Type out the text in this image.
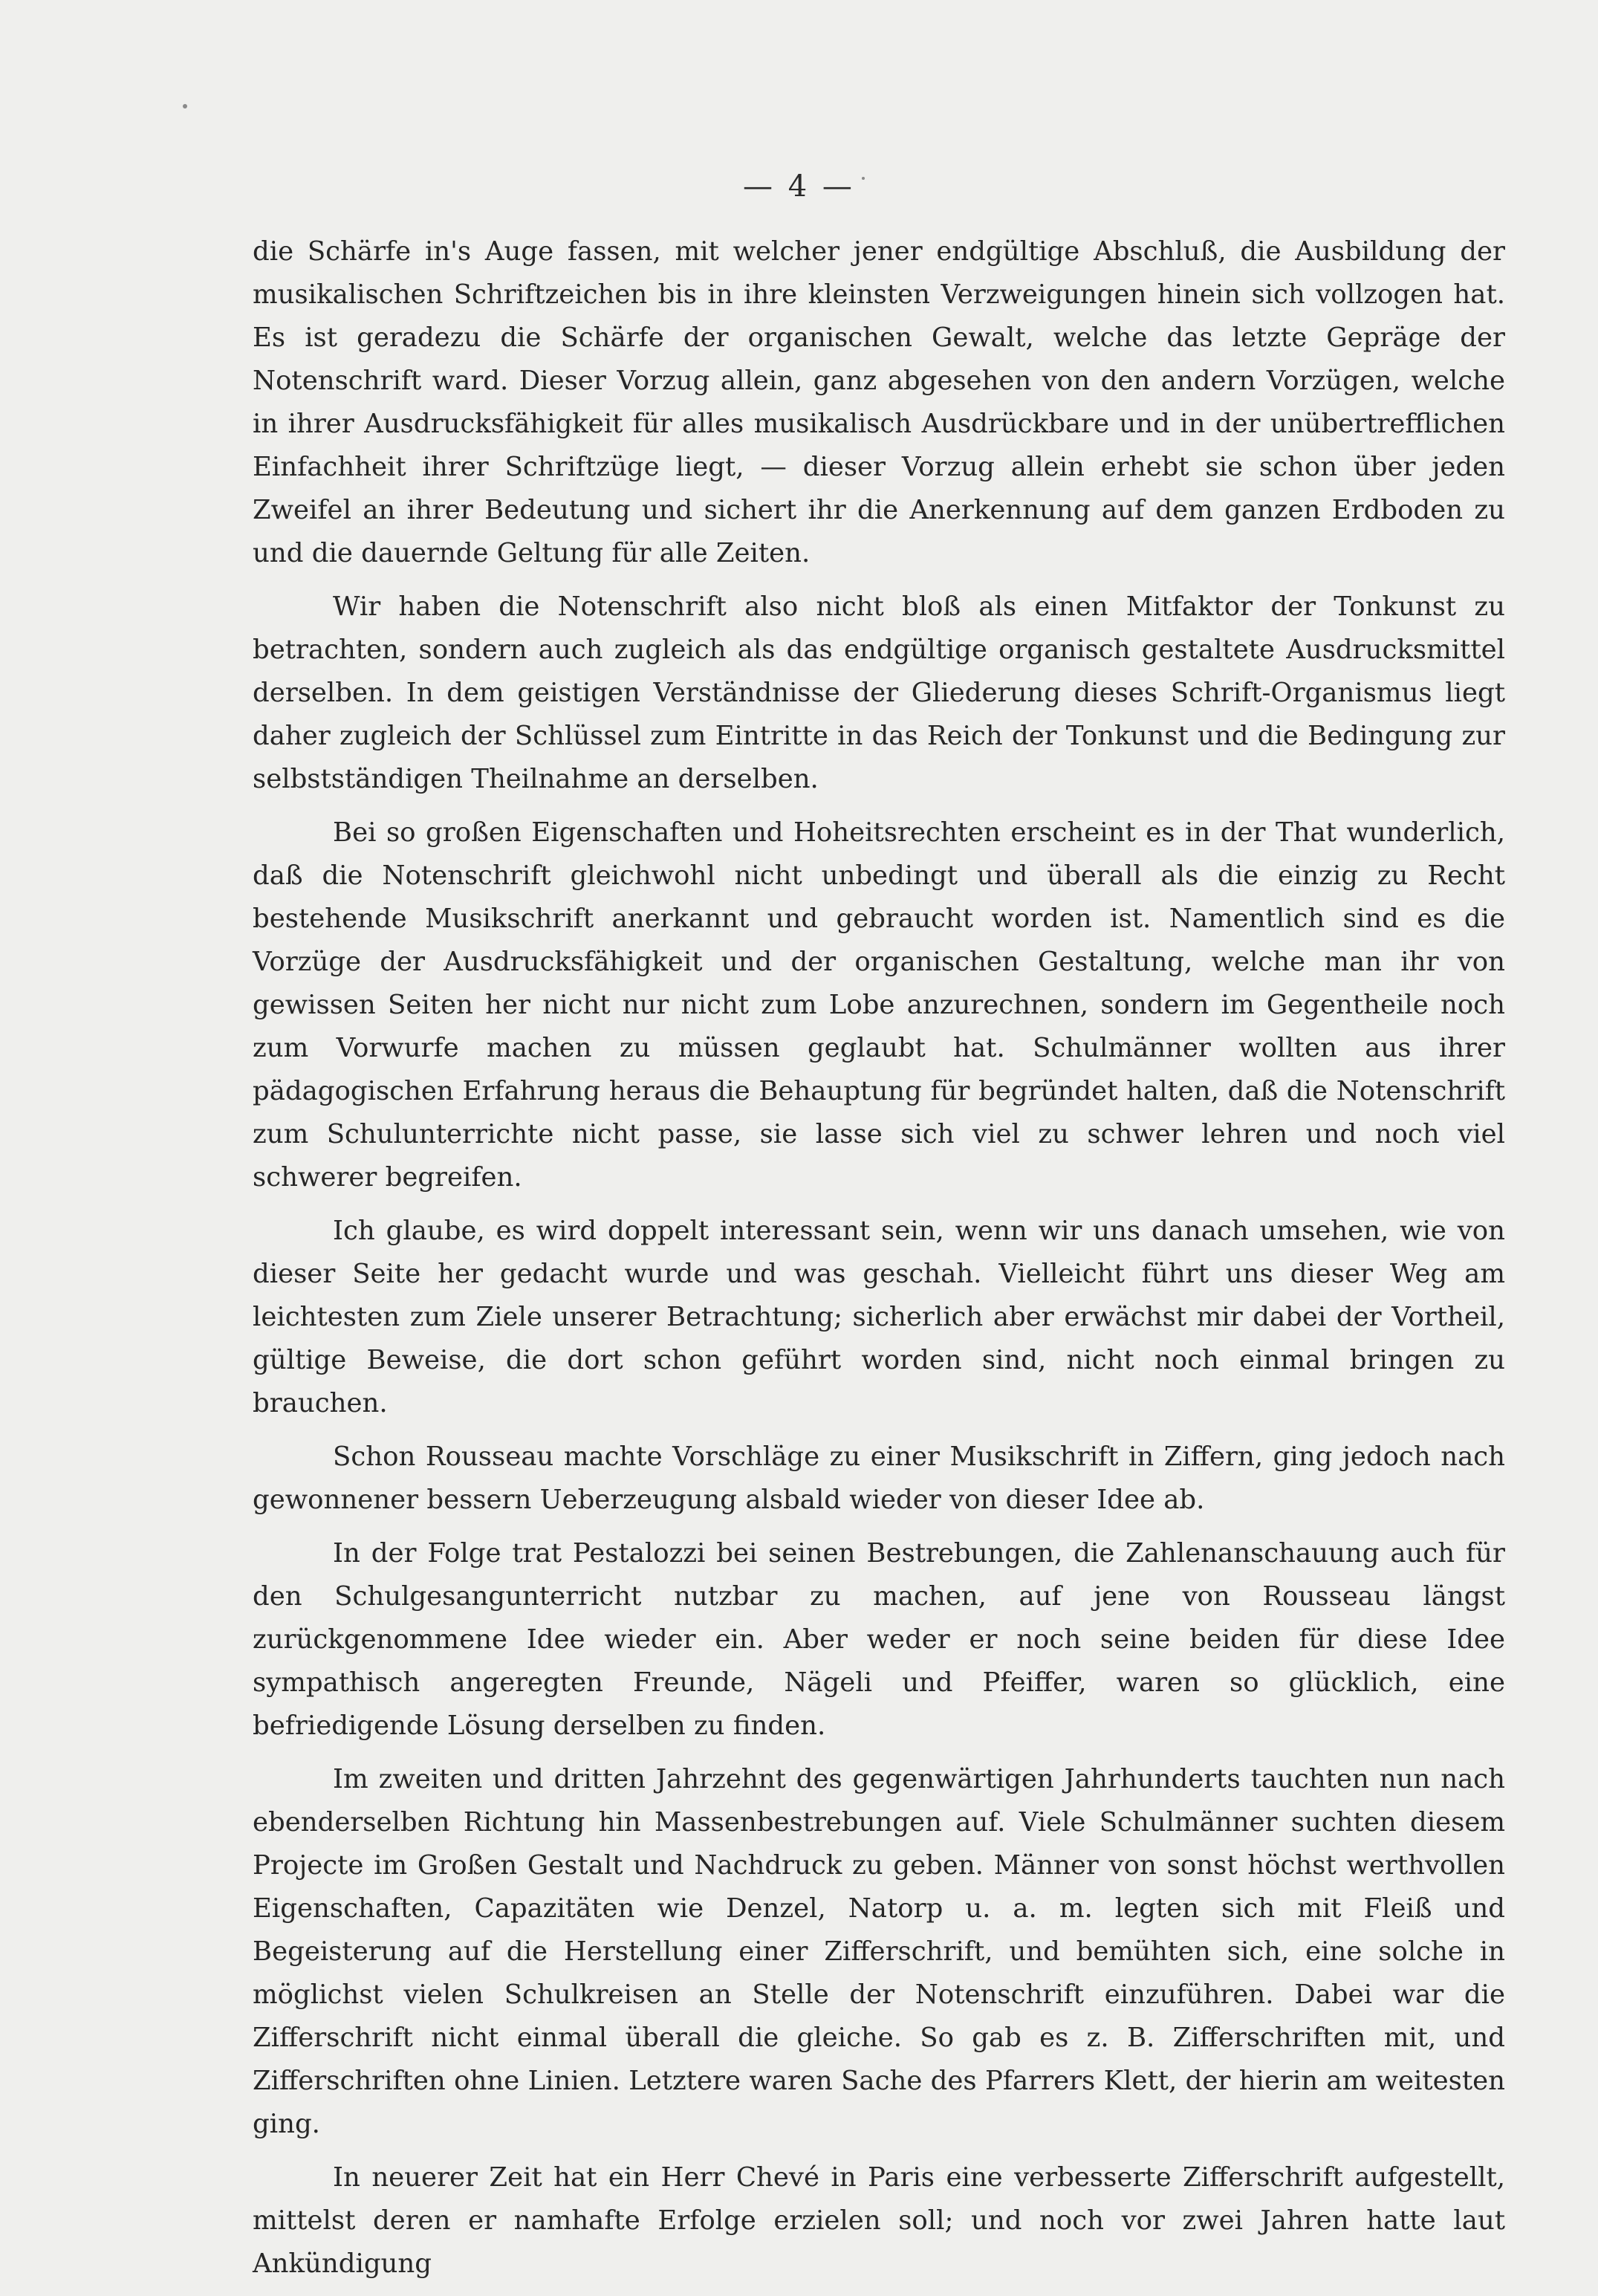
— 4 —

die Schärfe in's Auge fassen, mit welcher jener endgültige Abschluß, die Ausbildung der musikalischen Schriftzeichen bis in ihre kleinsten Verzweigungen hinein sich vollzogen hat. Es ist geradezu die Schärfe der organischen Gewalt, welche das letzte Gepräge der Notenschrift ward. Dieser Vorzug allein, ganz abgesehen von den andern Vorzügen, welche in ihrer Ausdrucksfähigkeit für alles musikalisch Ausdrückbare und in der unübertrefflichen Einfachheit ihrer Schriftzüge liegt, — dieser Vorzug allein erhebt sie schon über jeden Zweifel an ihrer Bedeutung und sichert ihr die Anerkennung auf dem ganzen Erdboden zu und die dauernde Geltung für alle Zeiten.

Wir haben die Notenschrift also nicht bloß als einen Mitfaktor der Tonkunst zu betrachten, sondern auch zugleich als das endgültige organisch gestaltete Ausdrucksmittel derselben. In dem geistigen Verständnisse der Gliederung dieses Schrift-Organismus liegt daher zugleich der Schlüssel zum Eintritte in das Reich der Tonkunst und die Bedingung zur selbstständigen Theilnahme an derselben.

Bei so großen Eigenschaften und Hoheitsrechten erscheint es in der That wunderlich, daß die Notenschrift gleichwohl nicht unbedingt und überall als die einzig zu Recht bestehende Musikschrift anerkannt und gebraucht worden ist. Namentlich sind es die Vorzüge der Ausdrucksfähigkeit und der organischen Gestaltung, welche man ihr von gewissen Seiten her nicht nur nicht zum Lobe anzurechnen, sondern im Gegentheile noch zum Vorwurfe machen zu müssen geglaubt hat. Schulmänner wollten aus ihrer pädagogischen Erfahrung heraus die Behauptung für begründet halten, daß die Notenschrift zum Schulunterrichte nicht passe, sie lasse sich viel zu schwer lehren und noch viel schwerer begreifen.

Ich glaube, es wird doppelt interessant sein, wenn wir uns danach umsehen, wie von dieser Seite her gedacht wurde und was geschah. Vielleicht führt uns dieser Weg am leichtesten zum Ziele unserer Betrachtung; sicherlich aber erwächst mir dabei der Vortheil, gültige Beweise, die dort schon geführt worden sind, nicht noch einmal bringen zu brauchen.

Schon Rousseau machte Vorschläge zu einer Musikschrift in Ziffern, ging jedoch nach gewonnener bessern Ueberzeugung alsbald wieder von dieser Idee ab.

In der Folge trat Pestalozzi bei seinen Bestrebungen, die Zahlenanschauung auch für den Schulgesangunterricht nutzbar zu machen, auf jene von Rousseau längst zurückgenommene Idee wieder ein. Aber weder er noch seine beiden für diese Idee sympathisch angeregten Freunde, Nägeli und Pfeiffer, waren so glücklich, eine befriedigende Lösung derselben zu finden.

Im zweiten und dritten Jahrzehnt des gegenwärtigen Jahrhunderts tauchten nun nach ebenderselben Richtung hin Massenbestrebungen auf. Viele Schulmänner suchten diesem Projecte im Großen Gestalt und Nachdruck zu geben. Männer von sonst höchst werthvollen Eigenschaften, Capazitäten wie Denzel, Natorp u. a. m. legten sich mit Fleiß und Begeisterung auf die Herstellung einer Zifferschrift, und bemühten sich, eine solche in möglichst vielen Schulkreisen an Stelle der Notenschrift einzuführen. Dabei war die Zifferschrift nicht einmal überall die gleiche. So gab es z. B. Zifferschriften mit, und Zifferschriften ohne Linien. Letztere waren Sache des Pfarrers Klett, der hierin am weitesten ging.

In neuerer Zeit hat ein Herr Chevé in Paris eine verbesserte Zifferschrift aufgestellt, mittelst deren er namhafte Erfolge erzielen soll; und noch vor zwei Jahren hatte laut Ankündigung
